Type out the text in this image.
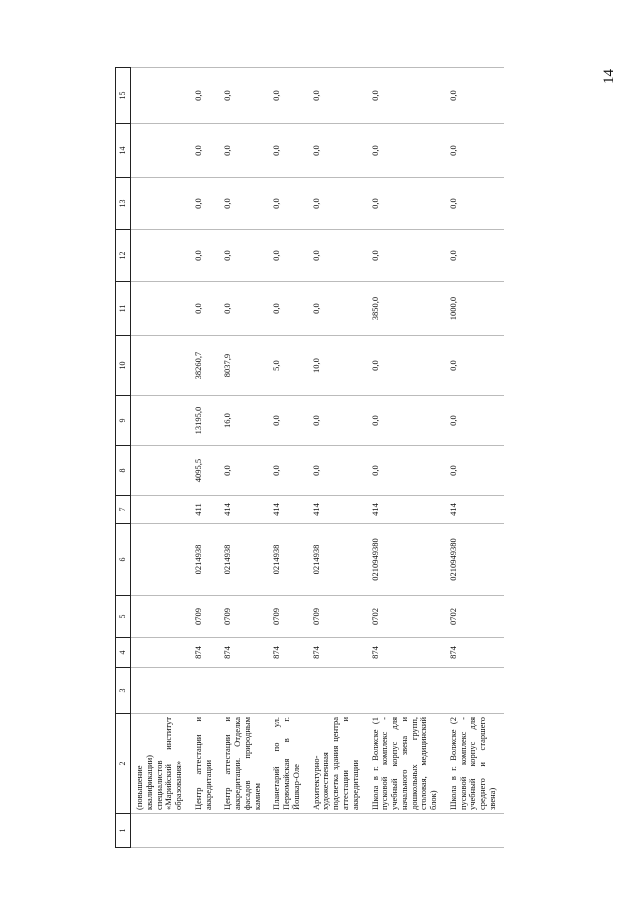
14
1	2	3	4	5	6	7	8	9	10	11	12	13	14	15
	(повышение квалификации) специалистов «Марийский институт образования»													
	Центр аттестации и аккредитации		874	0709	0214938	411	4095,5	13195,0	38260,7	0,0	0,0	0,0	0,0	0,0
	Центр аттестации и аккредитации. Отделка фасадов природным камнем		874	0709	0214938	414	0,0	16,0	8037,9	0,0	0,0	0,0	0,0	0,0
	Планетарий по ул. Первомайская в г. Йошкар-Оле		874	0709	0214938	414	0,0	0,0	5,0	0,0	0,0	0,0	0,0	0,0
	Архитектурно-художественная подсветка здания центра аттестации и аккредитации		874	0709	0214938	414	0,0	0,0	10,0	0,0	0,0	0,0	0,0	0,0
	Школа в г. Волжске (1 пусковой комплекс - учебный корпус для начального звена и дошкольных групп, столовая, медицинский блок)		874	0702	0210949380	414	0,0	0,0	0,0	3850,0	0,0	0,0	0,0	0,0
	Школа в г. Волжске (2 пусковой комплекс - учебный корпус для среднего и старшего звена)		874	0702	0210949380	414	0,0	0,0	0,0	1000,0	0,0	0,0	0,0	0,0
